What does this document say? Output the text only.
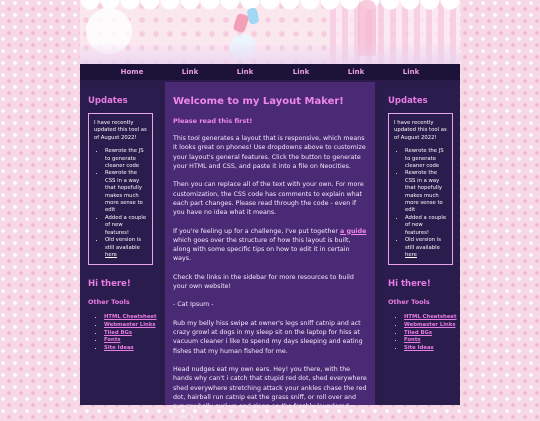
Home	Link	Link	Link	Link	Link
Updates
I have recently updated this tool as of August 2022!
• Rewrote the JS to generate cleaner code
• Rewrote the CSS in a way that hopefully makes much more sense to edit
• Added a couple of new features!
• Old version is still available here
Hi there!
Other Tools
• HTML Cheatsheet
• Webmaster Links
• Tiled BGs
• Fonts
• Site Ideas
Welcome to my Layout Maker!
Please read this first!

This tool generates a layout that is responsive, which means it looks great on phones! Use dropdowns above to customize your layout's general features. Click the button to generate your HTML and CSS, and paste it into a file on Neocities.

Then you can replace all of the text with your own. For more customization, the CSS code has comments to explain what each part changes. Please read through the code - even if you have no idea what it means.

If you're feeling up for a challenge, I've put together a guide which goes over the structure of how this layout is built, along with some specific tips on how to edit it in certain ways.

Check the links in the sidebar for more resources to build your own website!

- Cat Ipsum -

Rub my belly hiss swipe at owner's legs sniff catnip and act crazy growl at dogs in my sleep sit on the laptop for hiss at vacuum cleaner i like to spend my days sleeping and eating fishes that my human fished for me.

Head nudges eat my own ears. Hey! you there, with the hands why can't i catch that stupid red dot, shed everywhere shed everywhere stretching attack your ankles chase the red dot, hairball run catnip eat the grass sniff, or roll over and sun my belly curl up and sleep on the freshly laundered towels.

Updates
I have recently updated this tool as of August 2022!
• Rewrote the JS to generate cleaner code
• Rewrote the CSS in a way that hopefully makes much more sense to edit
• Added a couple of new features!
• Old version is still available here
Hi there!
Other Tools
• HTML Cheatsheet
• Webmaster Links
• Tiled BGs
• Fonts
• Site Ideas
